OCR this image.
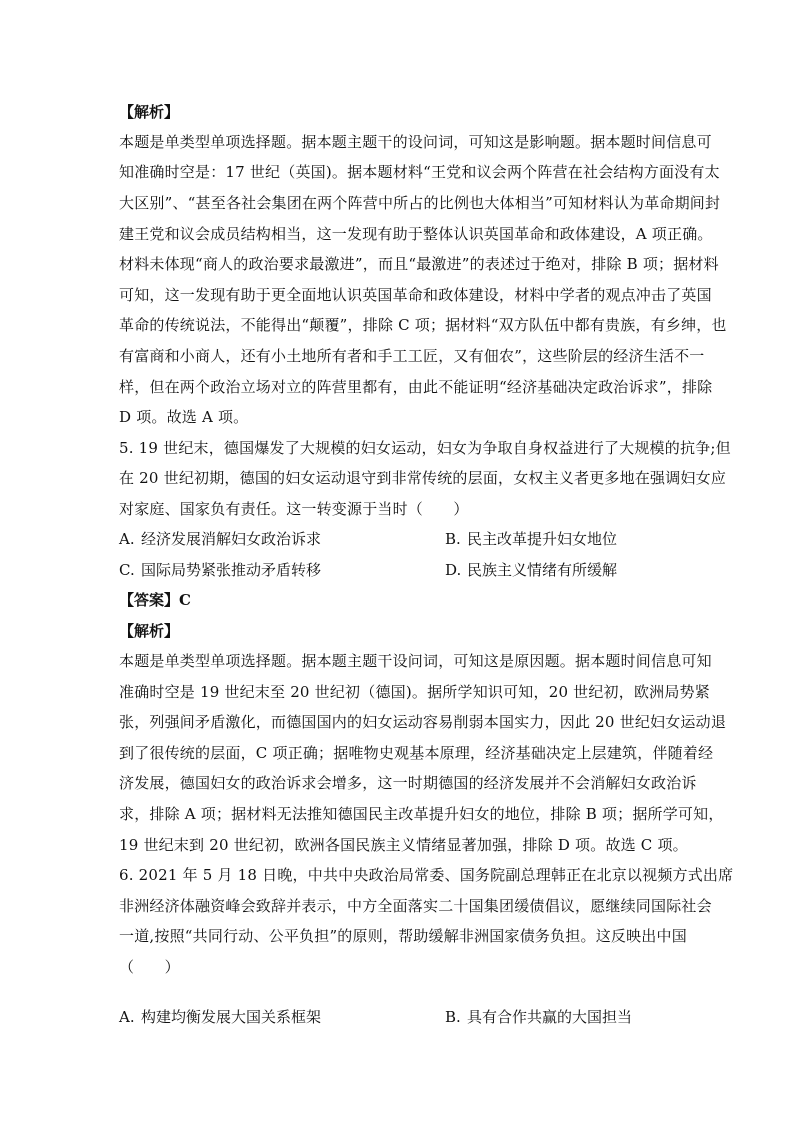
【解析】
本题是单类型单项选择题。据本题主题干的设问词，可知这是影响题。据本题时间信息可
知准确时空是：17 世纪（英国)。据本题材料“王党和议会两个阵营在社会结构方面没有太
大区别”、“甚至各社会集团在两个阵营中所占的比例也大体相当”可知材料认为革命期间封
建王党和议会成员结构相当，这一发现有助于整体认识英国革命和政体建设，A 项正确。
材料未体现“商人的政治要求最激进”，而且“最激进”的表述过于绝对，排除 B 项；据材料
可知，这一发现有助于更全面地认识英国革命和政体建设，材料中学者的观点冲击了英国
革命的传统说法，不能得出“颠覆”，排除 C 项；据材料“双方队伍中都有贵族，有乡绅，也
有富商和小商人，还有小土地所有者和手工工匠，又有佃农”，这些阶层的经济生活不一
样，但在两个政治立场对立的阵营里都有，由此不能证明“经济基础决定政治诉求”，排除
D 项。故选 A 项。
5. 19 世纪末，德国爆发了大规模的妇女运动，妇女为争取自身权益进行了大规模的抗争;但
在 20 世纪初期，德国的妇女运动退守到非常传统的层面，女权主义者更多地在强调妇女应
对家庭、国家负有责任。这一转变源于当时（　　）
A. 经济发展消解妇女政治诉求	B. 民主改革提升妇女地位
C. 国际局势紧张推动矛盾转移	D. 民族主义情绪有所缓解
【答案】C
【解析】
本题是单类型单项选择题。据本题主题干设问词，可知这是原因题。据本题时间信息可知
准确时空是 19 世纪末至 20 世纪初（德国)。据所学知识可知，20 世纪初，欧洲局势紧
张，列强间矛盾激化，而德国国内的妇女运动容易削弱本国实力，因此 20 世纪妇女运动退
到了很传统的层面，C 项正确；据唯物史观基本原理，经济基础决定上层建筑，伴随着经
济发展，德国妇女的政治诉求会增多，这一时期德国的经济发展并不会消解妇女政治诉
求，排除 A 项；据材料无法推知德国民主改革提升妇女的地位，排除 B 项；据所学可知，
19 世纪末到 20 世纪初，欧洲各国民族主义情绪显著加强，排除 D 项。故选 C 项。
6. 2021 年 5 月 18 日晚，中共中央政治局常委、国务院副总理韩正在北京以视频方式出席
非洲经济体融资峰会致辞并表示，中方全面落实二十国集团缓债倡议，愿继续同国际社会
一道,按照“共同行动、公平负担”的原则，帮助缓解非洲国家债务负担。这反映出中国
（　　）
A. 构建均衡发展大国关系框架	B. 具有合作共赢的大国担当
